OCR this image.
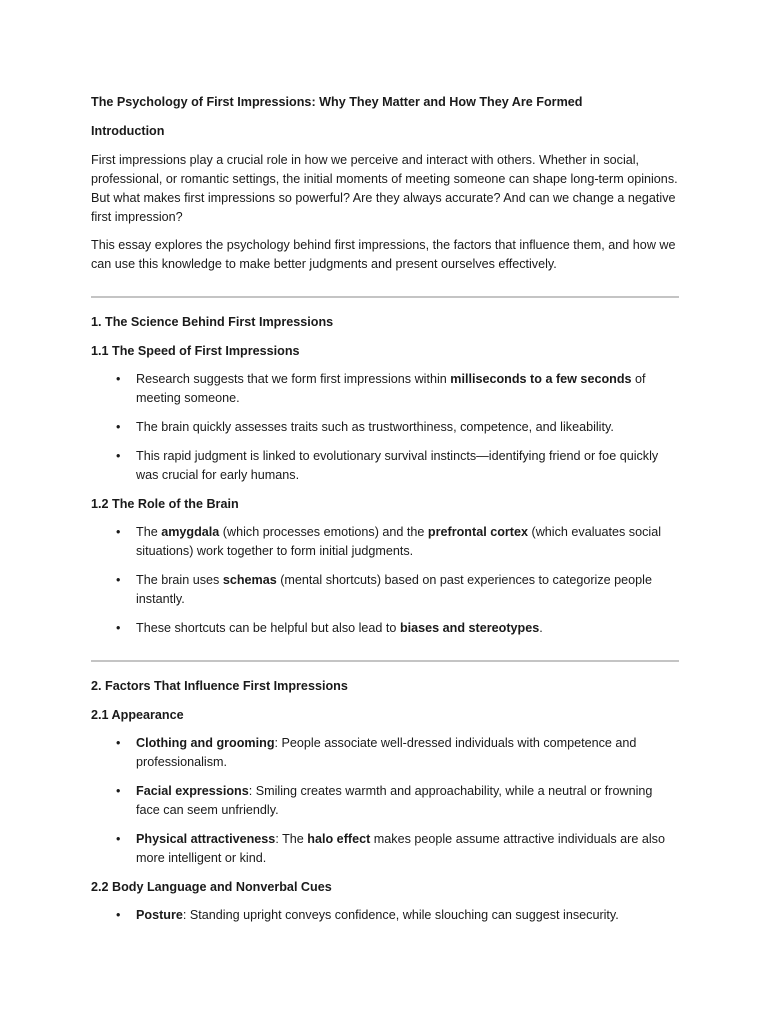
The Psychology of First Impressions: Why They Matter and How They Are Formed

Introduction

First impressions play a crucial role in how we perceive and interact with others. Whether in social, professional, or romantic settings, the initial moments of meeting someone can shape long-term opinions. But what makes first impressions so powerful? Are they always accurate? And can we change a negative first impression?

This essay explores the psychology behind first impressions, the factors that influence them, and how we can use this knowledge to make better judgments and present ourselves effectively.

1. The Science Behind First Impressions

1.1 The Speed of First Impressions

• Research suggests that we form first impressions within milliseconds to a few seconds of meeting someone.
• The brain quickly assesses traits such as trustworthiness, competence, and likeability.
• This rapid judgment is linked to evolutionary survival instincts—identifying friend or foe quickly was crucial for early humans.

1.2 The Role of the Brain

• The amygdala (which processes emotions) and the prefrontal cortex (which evaluates social situations) work together to form initial judgments.
• The brain uses schemas (mental shortcuts) based on past experiences to categorize people instantly.
• These shortcuts can be helpful but also lead to biases and stereotypes.

2. Factors That Influence First Impressions

2.1 Appearance

• Clothing and grooming: People associate well-dressed individuals with competence and professionalism.
• Facial expressions: Smiling creates warmth and approachability, while a neutral or frowning face can seem unfriendly.
• Physical attractiveness: The halo effect makes people assume attractive individuals are also more intelligent or kind.

2.2 Body Language and Nonverbal Cues

• Posture: Standing upright conveys confidence, while slouching can suggest insecurity.
